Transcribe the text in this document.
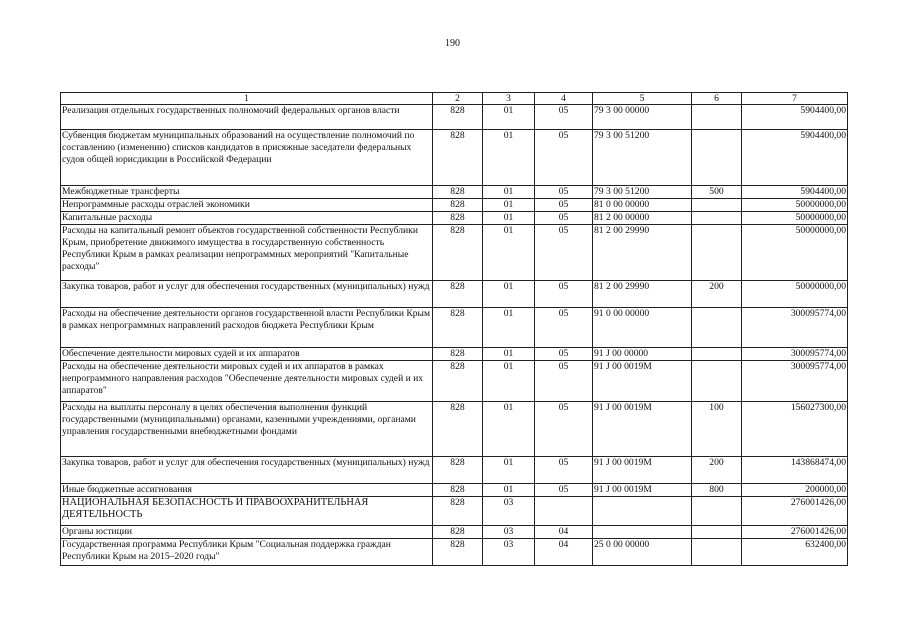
190
1	2	3	4	5	6	7
Реализация отдельных государственных полномочий федеральных органов власти	828	01	05	79 3 00 00000		5904400,00
Субвенция бюджетам муниципальных образований на осуществление полномочий по составлению (изменению) списков кандидатов в присяжные заседатели федеральных судов общей юрисдикции в Российской Федерации	828	01	05	79 3 00 51200		5904400,00
Межбюджетные трансферты	828	01	05	79 3 00 51200	500	5904400,00
Непрограммные расходы отраслей экономики	828	01	05	81 0 00 00000		50000000,00
Капитальные расходы	828	01	05	81 2 00 00000		50000000,00
Расходы на капитальный ремонт объектов государственной собственности Республики Крым, приобретение движимого имущества в государственную собственность Республики Крым в рамках реализации непрограммных мероприятий "Капитальные расходы"	828	01	05	81 2 00 29990		50000000,00
Закупка товаров, работ и услуг для обеспечения государственных (муниципальных) нужд	828	01	05	81 2 00 29990	200	50000000,00
Расходы на обеспечение деятельности органов государственной власти Республики Крым в рамках непрограммных направлений расходов бюджета Республики Крым	828	01	05	91 0 00 00000		300095774,00
Обеспечение деятельности мировых судей и их аппаратов	828	01	05	91 J 00 00000		300095774,00
Расходы на обеспечение деятельности мировых судей и их аппаратов в рамках непрограммного направления расходов "Обеспечение деятельности мировых судей и их аппаратов"	828	01	05	91 J 00 0019M		300095774,00
Расходы на выплаты персоналу в целях обеспечения выполнения функций государственными (муниципальными) органами, казенными учреждениями, органами управления государственными внебюджетными фондами	828	01	05	91 J 00 0019M	100	156027300,00
Закупка товаров, работ и услуг для обеспечения государственных (муниципальных) нужд	828	01	05	91 J 00 0019M	200	143868474,00
Иные бюджетные ассигнования	828	01	05	91 J 00 0019M	800	200000,00
НАЦИОНАЛЬНАЯ БЕЗОПАСНОСТЬ И ПРАВООХРАНИТЕЛЬНАЯ ДЕЯТЕЛЬНОСТЬ	828	03				276001426,00
Органы юстиции	828	03	04			276001426,00
Государственная программа Республики Крым "Социальная поддержка граждан Республики Крым на 2015–2020 годы"	828	03	04	25 0 00 00000		632400,00
